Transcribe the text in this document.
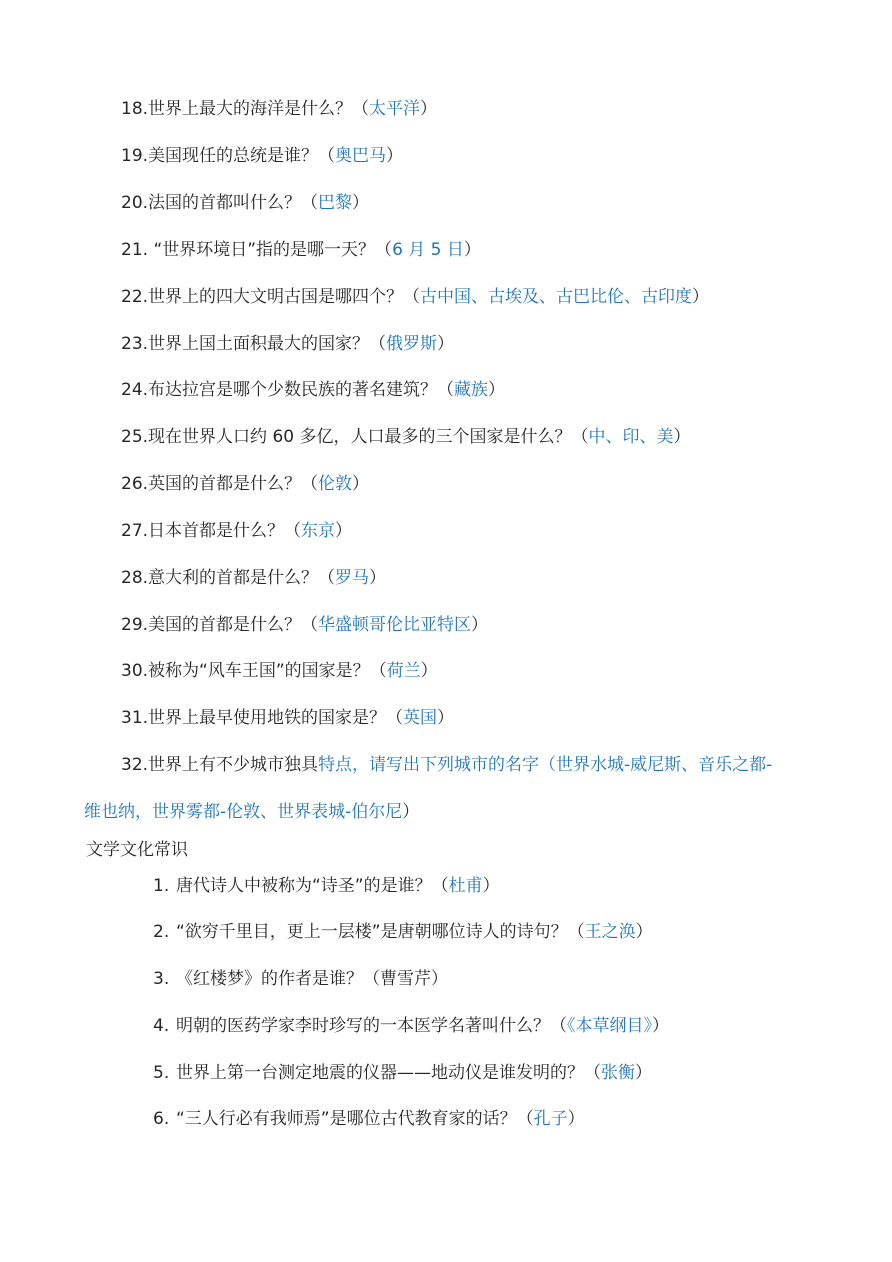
18.世界上最大的海洋是什么？（太平洋）
19.美国现任的总统是谁？（奥巴马）
20.法国的首都叫什么？（巴黎）
21. “世界环境日”指的是哪一天？（6 月 5 日）
22.世界上的四大文明古国是哪四个？（古中国、古埃及、古巴比伦、古印度）
23.世界上国土面积最大的国家？（俄罗斯）
24.布达拉宫是哪个少数民族的著名建筑？（藏族）
25.现在世界人口约 60 多亿，人口最多的三个国家是什么？（中、印、美）
26.英国的首都是什么？（伦敦）
27.日本首都是什么？（东京）
28.意大利的首都是什么？（罗马）
29.美国的首都是什么？（华盛顿哥伦比亚特区）
30.被称为“风车王国”的国家是？（荷兰）
31.世界上最早使用地铁的国家是？（英国）
32.世界上有不少城市独具特点，请写出下列城市的名字（世界水城-威尼斯、音乐之都-
维也纳，世界雾都-伦敦、世界表城-伯尔尼）
文学文化常识
1. 唐代诗人中被称为“诗圣”的是谁？（杜甫）
2. “欲穷千里目，更上一层楼”是唐朝哪位诗人的诗句？（王之涣）
3. 《红楼梦》的作者是谁？（曹雪芹）
4. 明朝的医药学家李时珍写的一本医学名著叫什么？（《本草纲目》）
5. 世界上第一台测定地震的仪器——地动仪是谁发明的？（张衡）
6. “三人行必有我师焉”是哪位古代教育家的话？（孔子）
